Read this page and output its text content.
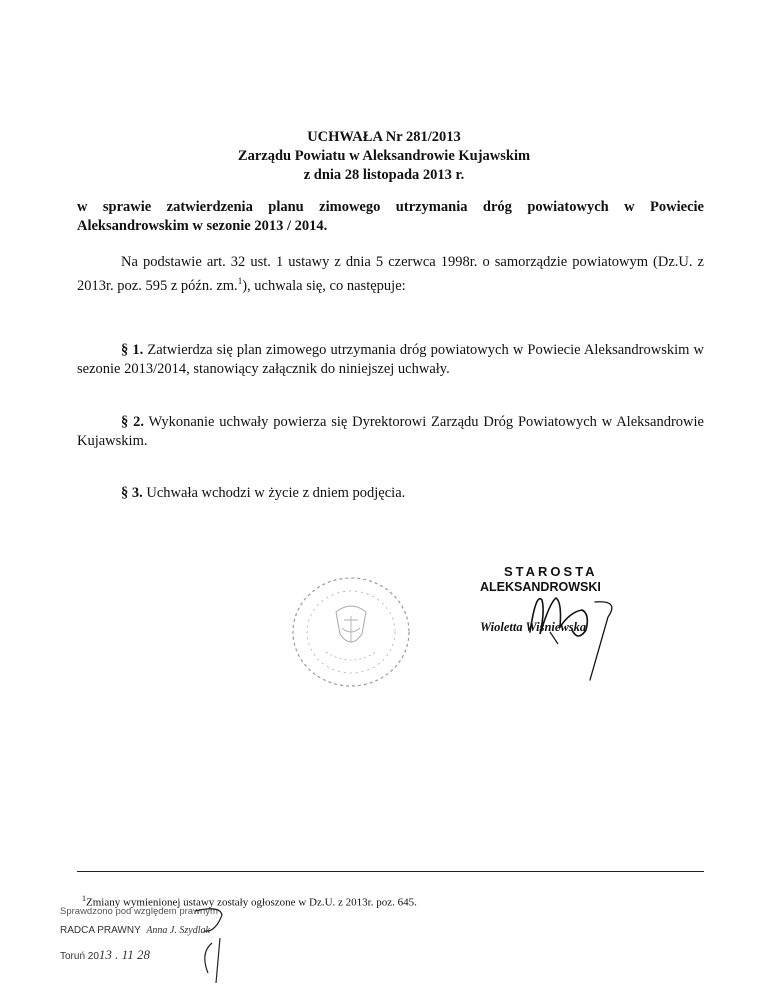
UCHWAŁA Nr 281/2013
Zarządu Powiatu w Aleksandrowie Kujawskim
z dnia 28 listopada 2013 r.
w sprawie zatwierdzenia planu zimowego utrzymania dróg powiatowych w Powiecie Aleksandrowskim w sezonie 2013 / 2014.
Na podstawie art. 32 ust. 1 ustawy z dnia 5 czerwca 1998r. o samorządzie powiatowym (Dz.U. z 2013r. poz. 595 z późn. zm.$^1$), uchwala się, co następuje:
§ 1. Zatwierdza się plan zimowego utrzymania dróg powiatowych w Powiecie Aleksandrowskim w sezonie 2013/2014, stanowiący załącznik do niniejszej uchwały.
§ 2. Wykonanie uchwały powierza się Dyrektorowi Zarządu Dróg Powiatowych w Aleksandrowie Kujawskim.
§ 3. Uchwała wchodzi w życie z dniem podjęcia.
STAROSTA
ALEKSANDROWSKI
Wioletta Wiśniewska
$^1$Zmiany wymienionej ustawy zostały ogłoszone w Dz.U. z 2013r. poz. 645.
Sprawdzono pod względem prawnym
RADCA PRAWNY Anna J. Szydlak
Toruń 2013 . 11 28
